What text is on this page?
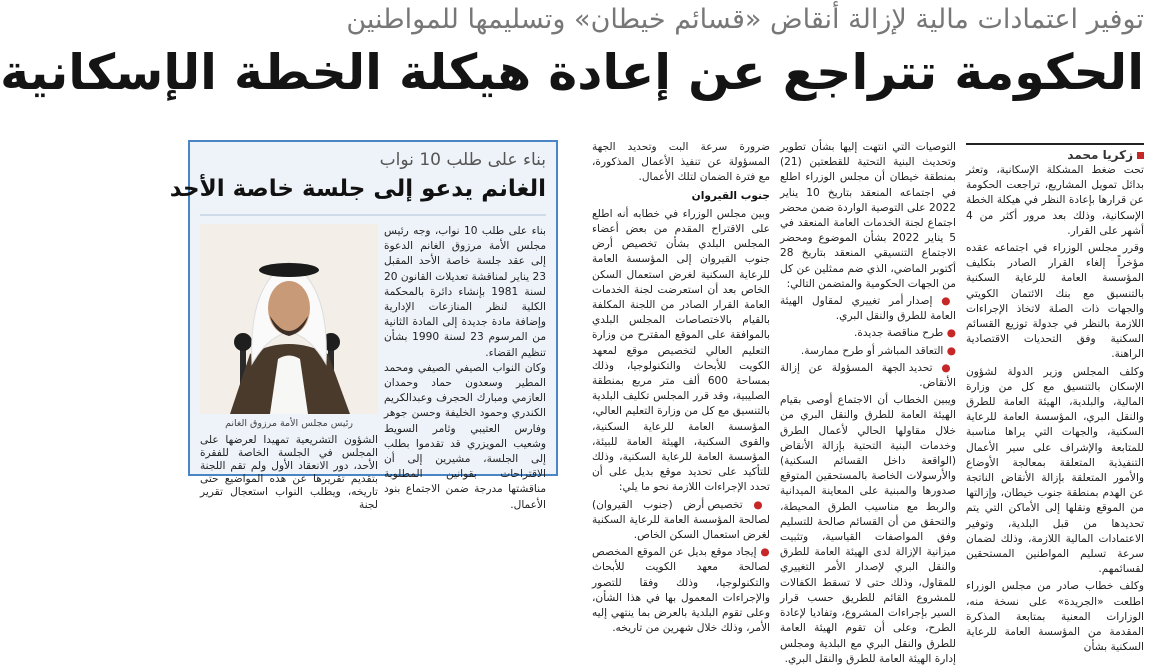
توفير اعتمادات مالية لإزالة أنقاض «قسائم خيطان» وتسليمها للمواطنين
الحكومة تتراجع عن إعادة هيكلة الخطة الإسكانية
زكريا محمد

تحت ضغط المشكلة الإسكانية، وتعثر بدائل تمويل المشاريع، تراجعت الحكومة عن قرارها بإعادة النظر في هيكلة الخطة الإسكانية، وذلك بعد مرور أكثر من 4 أشهر على القرار.

وقرر مجلس الوزراء في اجتماعه عقده مؤخراً إلغاء القرار الصادر بتكليف المؤسسة العامة للرعاية السكنية بالتنسيق مع بنك الائتمان الكويتي والجهات ذات الصلة لاتخاذ الإجراءات اللازمة بالنظر في جدولة توزيع القسائم السكنية وفق التحديات الاقتصادية الراهنة.

وكلف المجلس وزير الدولة لشؤون الإسكان بالتنسيق مع كل من وزارة المالية، والبلدية، الهيئة العامة للطرق والنقل البري، المؤسسة العامة للرعاية السكنية، والجهات التي يراها مناسبة للمتابعة والإشراف على سير الأعمال التنفيذية المتعلقة بمعالجة الأوضاع والأمور المتعلقة بإزالة الأنقاض الناتجة عن الهدم بمنطقة جنوب خيطان، وإزالتها من الموقع ونقلها إلى الأماكن التي يتم تحديدها من قبل البلدية، وتوفير الاعتمادات المالية اللازمة، وذلك لضمان سرعة تسليم المواطنين المستحقين لقسائمهم.

وكلف خطاب صادر من مجلس الوزراء اطلعت «الجريدة» على نسخة منه، الوزارات المعنية بمتابعة المذكرة المقدمة من المؤسسة العامة للرعاية السكنية بشأن

التوصيات التي انتهت إليها بشأن تطوير وتحديث البنية التحتية للقطعتين (21) بمنطقة خيطان أن مجلس الوزراء اطلع في اجتماعه المنعقد بتاريخ 10 يناير 2022 على التوصية الواردة ضمن محضر اجتماع لجنة الخدمات العامة المنعقد في 5 يناير 2022 بشأن الموضوع ومحضر الاجتماع التنسيقي المنعقد بتاريخ 28 أكتوبر الماضي، الذي ضم ممثلين عن كل من الجهات الحكومية والمتضمن التالي:

● إصدار أمر تغييري لمقاول الهيئة العامة للطرق والنقل البري.

● طرح مناقصة جديدة.

● التعاقد المباشر أو طرح ممارسة.

● تحديد الجهة المسؤولة عن إزالة الأنقاض.

ويبين الخطاب أن الاجتماع أوصى بقيام الهيئة العامة للطرق والنقل البري من خلال مقاولها الحالي لأعمال الطرق وخدمات البنية التحتية بإزالة الأنقاض (الواقعة داخل القسائم السكنية) والأرسولات الخاصة بالمستحقين المتوقع صدورها والمبنية على المعاينة الميدانية والربط مع مناسيب الطرق المحيطة، والتحقق من أن القسائم صالحة للتسليم وفق المواصفات القياسية، وتثبيت ميزانية الإزالة لدى الهيئة العامة للطرق والنقل البري لإصدار الأمر التغييري للمقاول، وذلك حتى لا تسقط الكفالات للمشروع القائم للطريق حسب قرار السير بإجراءات المشروع، وتفاديا لإعادة الطرح، وعلى أن تقوم الهيئة العامة للطرق والنقل البري مع البلدية ومجلس إدارة الهيئة العامة للطرق والنقل البري.

ضرورة سرعة البت وتحديد الجهة المسؤولة عن تنفيذ الأعمال المذكورة، مع فترة الضمان لتلك الأعمال.

جنوب القيروان

وبين مجلس الوزراء في خطابه أنه اطلع على الاقتراح المقدم من بعض أعضاء المجلس البلدي بشأن تخصيص أرض جنوب القيروان إلى المؤسسة العامة للرعاية السكنية لغرض استعمال السكن الخاص بعد أن استعرضت لجنة الخدمات العامة القرار الصادر من اللجنة المكلفة بالقيام بالاختصاصات المجلس البلدي بالموافقة على الموقع المقترح من وزارة التعليم العالي لتخصيص موقع لمعهد الكويت للأبحاث والتكنولوجيا، وذلك بمساحة 600 ألف متر مربع بمنطقة الصليبية، وقد قرر المجلس تكليف البلدية بالتنسيق مع كل من وزارة التعليم العالي، المؤسسة العامة للرعاية السكنية، والقوى السكنية، الهيئة العامة للبيئة، المؤسسة العامة للرعاية السكنية، وذلك للتأكيد على تحديد موقع بديل على أن تحدد الإجراءات اللازمة نحو ما يلي:

● تخصيص أرض (جنوب القيروان) لصالحة المؤسسة العامة للرعاية السكنية لغرض استعمال السكن الخاص.

● إيجاد موقع بديل عن الموقع المخصص لصالحة معهد الكويت للأبحاث والتكنولوجيا، وذلك وفقا للتصور والإجراءات المعمول بها في هذا الشأن، وعلى تقوم البلدية بالعرض بما ينتهي إليه الأمر، وذلك خلال شهرين من تاريخه.

بناء على طلب 10 نواب
الغانم يدعو إلى جلسة خاصة الأحد
رئيس مجلس الأمة مرزوق الغانم

بناء على طلب 10 نواب، وجه رئيس مجلس الأمة مرزوق الغانم الدعوة إلى عقد جلسة خاصة الأحد المقبل 23 يناير لمناقشة تعديلات القانون 20 لسنة 1981 بإنشاء دائرة بالمحكمة الكلية لنظر المنازعات الإدارية وإضافة مادة جديدة إلى المادة الثانية من المرسوم 23 لسنة 1990 بشأن تنظيم القضاء.

وكان النواب الصيفي الصيفي ومحمد المطير وسعدون حماد وحمدان العازمي ومبارك الحجرف وعبدالكريم الكندري وحمود الخليفة وحسن جوهر وفارس العتيبي وثامر السويط وشعيب المويزري قد تقدموا بطلب إلى الجلسة، مشيرين إلى أن الاقتراحات بقوانين المطلوبة مناقشتها مدرجة ضمن الاجتماع بنود الأعمال.

الشؤون التشريعية تمهيدا لعرضها على المجلس في الجلسة الخاصة للفقرة الأحد، دور الانعقاد الأول ولم تقم اللجنة بتقديم تقريرها عن هذه المواضيع حتى تاريخه، ويطلب النواب استعجال تقرير لجنة
